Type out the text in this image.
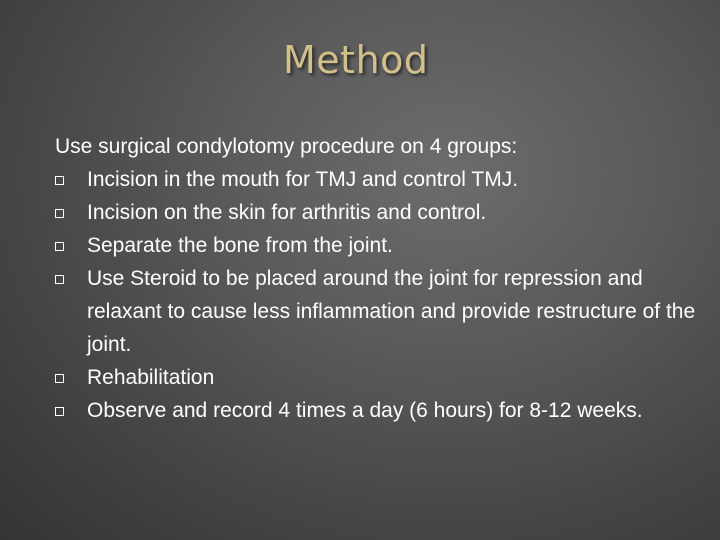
Method

Use surgical condylotomy procedure on 4 groups:

Incision in the mouth for TMJ and control TMJ.
Incision on the skin for arthritis and control.
Separate the bone from the joint.
Use Steroid to be placed around the joint for repression and relaxant to cause less inflammation and provide restructure of the joint.
Rehabilitation
Observe and record 4 times a day (6 hours) for 8-12 weeks.
